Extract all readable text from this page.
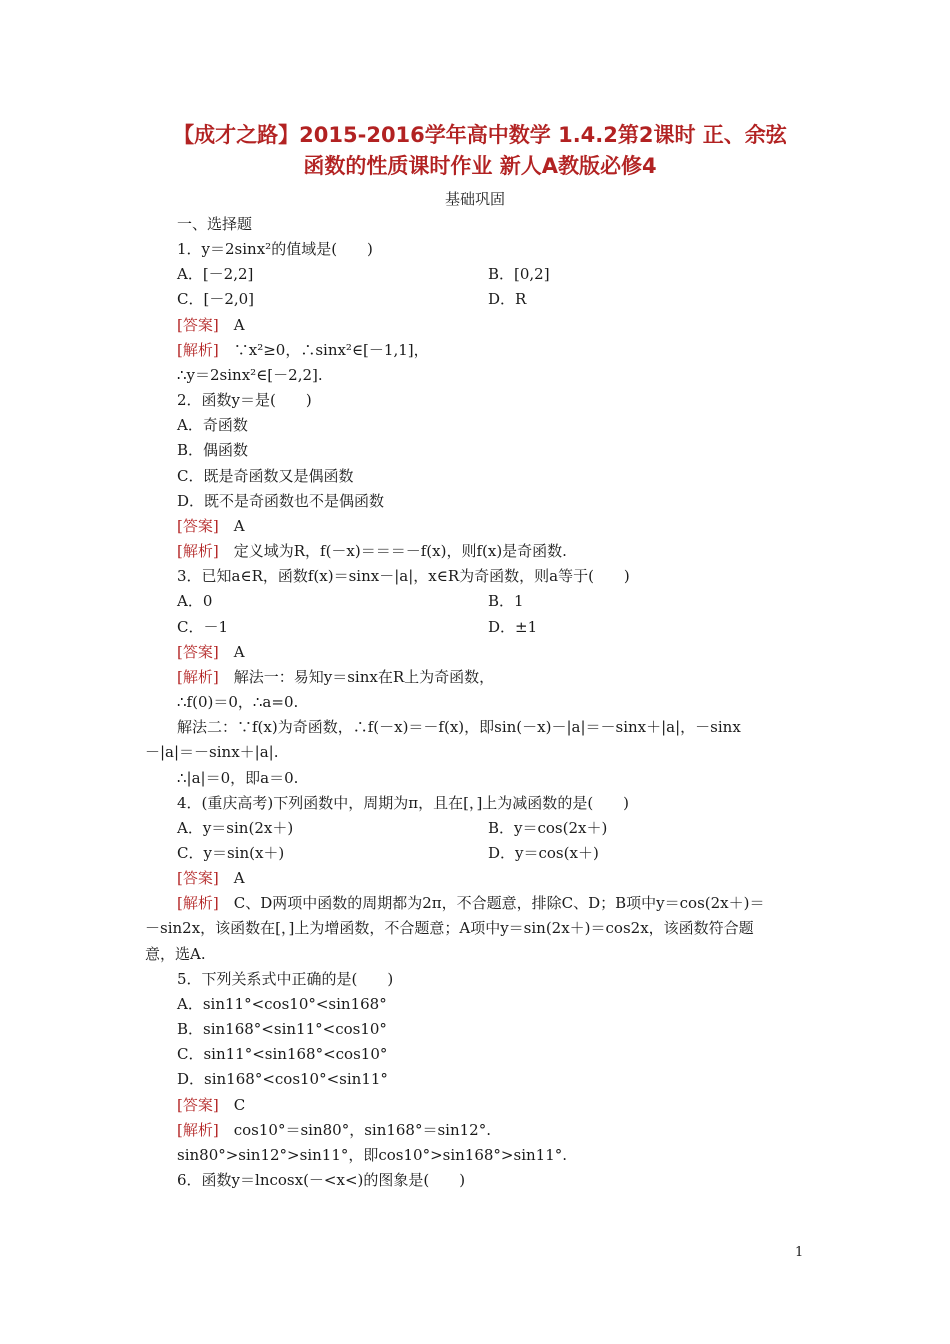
【成才之路】2015-2016学年高中数学 1.4.2第2课时 正、余弦
函数的性质课时作业 新人A教版必修4
基础巩固
一、选择题
1．y＝2sinx²的值域是(　　)
A．[－2,2]	B．[0,2]
C．[－2,0]	D．R
[答案]　 A
[解析]　 ∵x²≥0，∴sinx²∈[－1,1]，
∴y＝2sinx²∈[－2,2].
2．函数y＝是(　　)
A．奇函数
B．偶函数
C．既是奇函数又是偶函数
D．既不是奇函数也不是偶函数
[答案]　 A
[解析]　 定义域为R，f(－x)＝＝＝－f(x)，则f(x)是奇函数.
3．已知a∈R，函数f(x)＝sinx－|a|，x∈R为奇函数，则a等于(　　)
A．0	B．1
C．－1	D．±1
[答案]　 A
[解析]　 解法一：易知y＝sinx在R上为奇函数，
∴f(0)＝0，∴a=0.
解法二：∵f(x)为奇函数，∴f(－x)＝－f(x)，即sin(－x)－|a|＝－sinx＋|a|，－sinx
－|a|＝－sinx＋|a|.
∴|a|＝0，即a＝0.
4．(重庆高考)下列函数中，周期为π，且在[，]上为减函数的是(　　)
A．y＝sin(2x＋)	B．y＝cos(2x＋)
C．y＝sin(x＋)	D．y＝cos(x＋)
[答案]　 A
[解析]　 C、D两项中函数的周期都为2π，不合题意，排除C、D；B项中y＝cos(2x＋)＝
－sin2x，该函数在[，]上为增函数，不合题意；A项中y＝sin(2x＋)＝cos2x，该函数符合题
意，选A.
5．下列关系式中正确的是(　　)
A．sin11°<cos10°<sin168°
B．sin168°<sin11°<cos10°
C．sin11°<sin168°<cos10°
D．sin168°<cos10°<sin11°
[答案]　 C
[解析]　 cos10°＝sin80°，sin168°＝sin12°.
sin80°>sin12°>sin11°，即cos10°>sin168°>sin11°.
6．函数y＝lncosx(－<x<)的图象是(　　)
1
